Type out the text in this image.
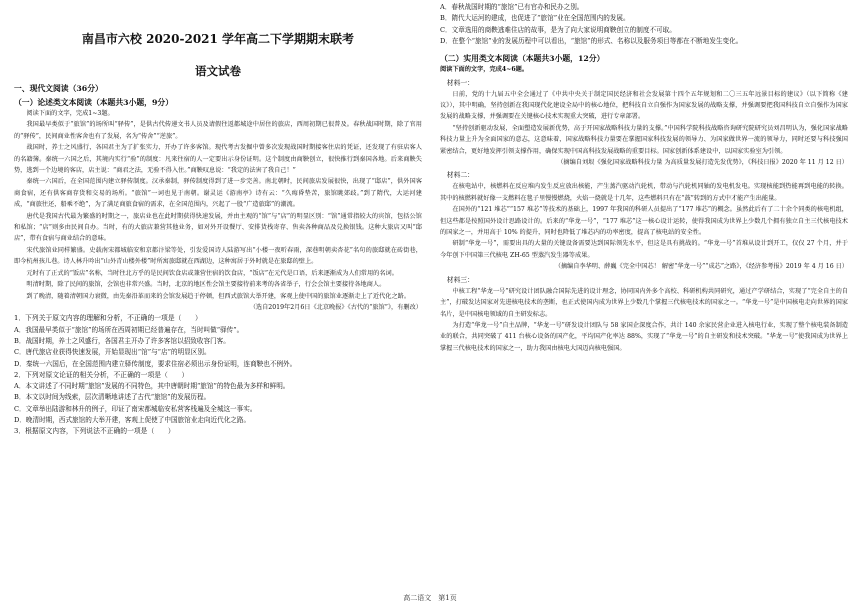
南昌市六校 2020-2021 学年高二下学期期末联考
语文试卷
一、现代文阅读（36分）
（一）论述类文本阅读（本题共3小题，9分）

阅读下面的文字，完成1~3题。

我国最早类似于“旅馆”的场所叫“驿传”，是供古代传递文书人员及请假往返都城途中居住的旅店，西周初期已很普及。春秋战国时期，除了官用的“驿传”，民间商业性客舍也有了发展，名为“传舍”“逆旅”。

战国时，养士之风盛行，各国君主为了扩张实力，开办了许多客馆。现代考古发掘中曾多次发现战国时期接客住店的凭证，还发现了有驻店客人的名籍簿。秦统一六国之后，其境内实行“验”的制度：凡来往宿的人一定要出示身份证明。这个制度由商鞅创立，很快推行到秦国各地。后来商鞅失势，逃到一个边境的客店，店主说：“商君之法，无验不得入住。”商鞅叹息说：“我定的法害了我自己！”

秦统一六国后，在全国范围内建立驿传制度。汉承秦制，驿传制度得到了进一步完善。南北朝时，民间旅店发展很快，出现了“邸店”，供外国客商食宿，还有供客商存货和交易的场所。“旅馆”一词也见于南朝。谢灵运《游南亭》诗有云：“久痗昏垫苦，旅馆眺郊歧。”到了隋代，大运河建成，“商旅往还，船乘不绝”，为了满足商旅食宿的需求，在全国范围内，兴起了一股“广造旅邸”的潮流。

唐代是我国古代最为繁盛的时期之一，旅店业也在此时期获得快速发展，并由主观的“馆”与“店”的明显区别：“馆”通常指较大的宾馆，包括公馆和私馆；“店”则多由民间自办。当时，有的大旅店兼营其他业务，如对外开设餐厅、安排货栈寄存、售卖各种商品及兑换银钱。这种大旅店又叫“邸店”，带有食宿与商业结合的意味。

宋代旅馆业同样繁盛。史载南宋都城临安和京都汴梁等处，引发爱国诗人陆游写出“小楼一夜听春雨，深巷明朝卖杏花”名句的旅邸就在砖街巷，即今杭州孩儿巷。诗人林升吟出“山外青山楼外楼”时所寓旅邸就在西湖边，这种寓居于外时就是在旅邸的壁上。

元时有了正式的“饭店”名称，当时往北方乎的是民间饮食店或兼营住宿的饮食店，“饭店”在元代是口语，后来逐渐成为人们常用的名词。

明清时期，除了民间的旅馆，会馆也非常兴盛。当时，北京的地区性会馆主要接待前来考的各省举子，行会会馆主要接待各地商人。

到了晚清，随着清朝国力衰微，由先秦沿革而来的会馆发展趋于停顿，但西式旅馆大举开建，客观上使中国的旅馆业逐渐走上了近代化之路。

（选自2019年2月6日《北京晚报》《古代的“旅馆”》，有删改）

1．下列关于原文内容的理解和分析，不正确的一项是（　　）

A．我国最早类似于“旅馆”的场所在西周初期已经普遍存在，当时叫做“驿传”。

B．战国时期，养士之风盛行，各国君主开办了许多客馆以招致收容门客。

C．唐代旅店业获得快速发展，开始显现出“馆”与“店”的明显区别。

D．秦统一六国后，在全国范围内建立驿传制度，要求住宿必须出示身份证明，连商鞅也不例外。

2．下列对原文论证的相关分析，不正确的一项是（　　）

A．本文讲述了不同时期“旅馆”发展的不同特色，其中唐朝时期“旅馆”的特色最为多样和鲜明。

B．本文以时间为线索，层次清晰地讲述了古代“旅馆”的发展历程。

C．文章举出陆游和林升的例子，印证了南宋都城临安私营客栈遍及全城这一事实。

D．晚清时期，西式旅馆的大举开建，客观上促使了中国旅馆业走向近代化之路。

3．根据原文内容，下列说法不正确的一项是（　　）

A．春秋战国时期的“旅馆”已有官办和民办之别。

B．隋代大运河的建成，也促进了“旅馆”业在全国范围内的发展。

C．文章选用的商鞅逃难住店的故事，是为了向大家说明商鞅创立的制度不可取。

D．在整个“旅馆”业的发展历程中可以看出，“旅馆”的形式、名称以及服务项目等都在不断地发生变化。

（二）实用类文本阅读（本题共3小题，12分）

阅读下面的文字，完成4~6题。

材料一：

日前，党的十九届五中全会通过了《中共中央关于制定国民经济和社会发展第十四个五年规划和二〇三五年远景目标的建议》（以下简称《建议》），其中明确，坚持创新在我国现代化建设全局中的核心地位，把科技自立自强作为国家发展的战略支撑，并强调要把我国科技自立自强作为国家发展的战略支撑，并强调要在关键核心技术实现重大突破，进行专章部署。

“坚持创新驱动发展，全面塑造发展新优势，高于开国家战略科技力量的支撑。”中国科学院科技战略咨询研究院研究员刘昌明认为，强化国家战略科技力量上升为全面国家的意志，这意味着，国家战略科技力量要在掌握国家科技发展的领导力、为国家做世界一流的领导力，同时还要与科技强国紧密结合，更好地发挥引领支撑作用，确保实现中国高科技发展战略的重要目标。国家创新体系建设中，以国家实验室为引领。

（摘编自刘垠《强化国家战略科技力量 为高质量发展打造先发优势》，《科技日报》2020 年 11 月 12 日）

材料二：

在核电站中，核燃料在反应堆内发生反应放出核能，产生蒸汽驱动汽轮机，带动与汽轮机同轴的发电机发电。实现核能到热能再到电能的转换。其中的核燃料就好像一支燃料在毯子里慢慢燃烧，火焰一烧就是十几年，这些燃料只有在“鼓”转到的方式中才能产生出能量。

在国外的“121 堆芯”“157 堆芯”等技术的基础上，1997 年我国的科研人员提出了“177 堆芯”的概念。虽然此后有了二十余个同类的核电机组，但这些都是按照国外设计思路设计的。后来的“华龙一号”，“177 堆芯”这一核心设计运转，使得我国成为世界上少数几个拥有独立自主三代核电技术的国家之一，并用高于 10% 的提升，同时也降低了堆芯内的功率密度，提高了核电站的安全性。

研制“华龙一号”，需要出具的大量的关键设备需要达到国际领先水平，但这是具有挑战的。“华龙一号”首堆从设计到开工，仅仅 27 个月，并于今年创下中国第三代核电 ZH-65 型蒸汽发生器等成果。

（摘编自李华明、薛巍《完全中国芯！ 解密“华龙一号”“成芯”之路》，《经济参考报》2019 年 4 月 16 日）

材料三：

中核工程“华龙一号”研究设计团队融合国际先进的设计理念，协同国内外多个高校、科研机构共同研究，通过产学研结合，实现了“完全自主的自主”，打破发达国家对先进核电技术的垄断，也正式使国内成为世界上少数几个掌握三代核电技术的国家之一。“华龙一号”是中国核电走向世界的国家名片，是中国核电领域的自主研发标志。

为打造“华龙一号”自主品牌，“华龙一号”研发设计团队与 58 家国企深度合作，共计 140 余家民营企业进入核电行业，实现了整个核电装备制造业的联合，共同突破了 411 台核心设备的国产化，平均国产化率达 88%，实现了“华龙一号”的自主研发和技术突破。“华龙一号”使我国成为世界上掌握三代核电技术的国家之一，助力我国由核电大国迈向核电强国。

高二语文　第1页
